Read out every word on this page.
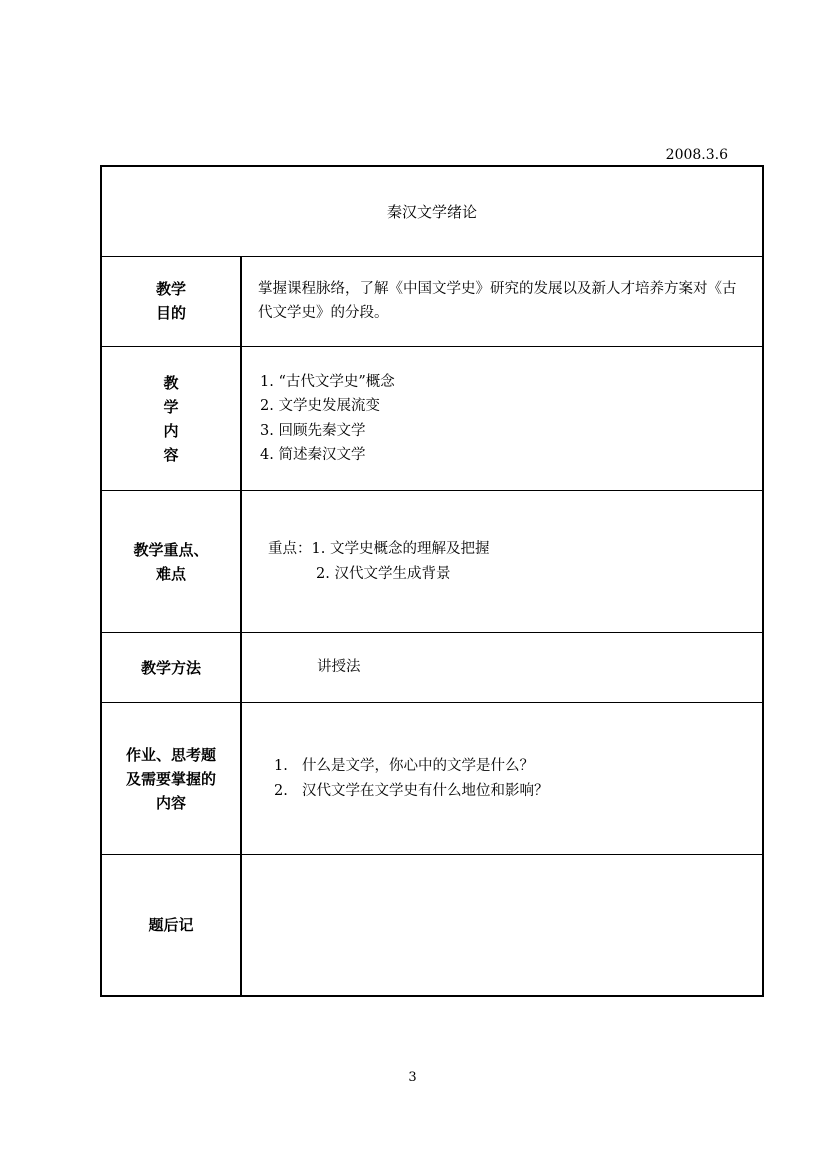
2008.3.6
秦汉文学绪论
教学
目的
掌握课程脉络，了解《中国文学史》研究的发展以及新人才培养方案对《古代文学史》的分段。
教
学
内
容
1. “古代文学史”概念
2. 文学史发展流变
3. 回顾先秦文学
4. 简述秦汉文学
教学重点、
难点
重点：1. 文学史概念的理解及把握
2. 汉代文学生成背景
教学方法	讲授法
作业、思考题
及需要掌握的
内容
1. 什么是文学，你心中的文学是什么？
2. 汉代文学在文学史有什么地位和影响？
题后记
3
